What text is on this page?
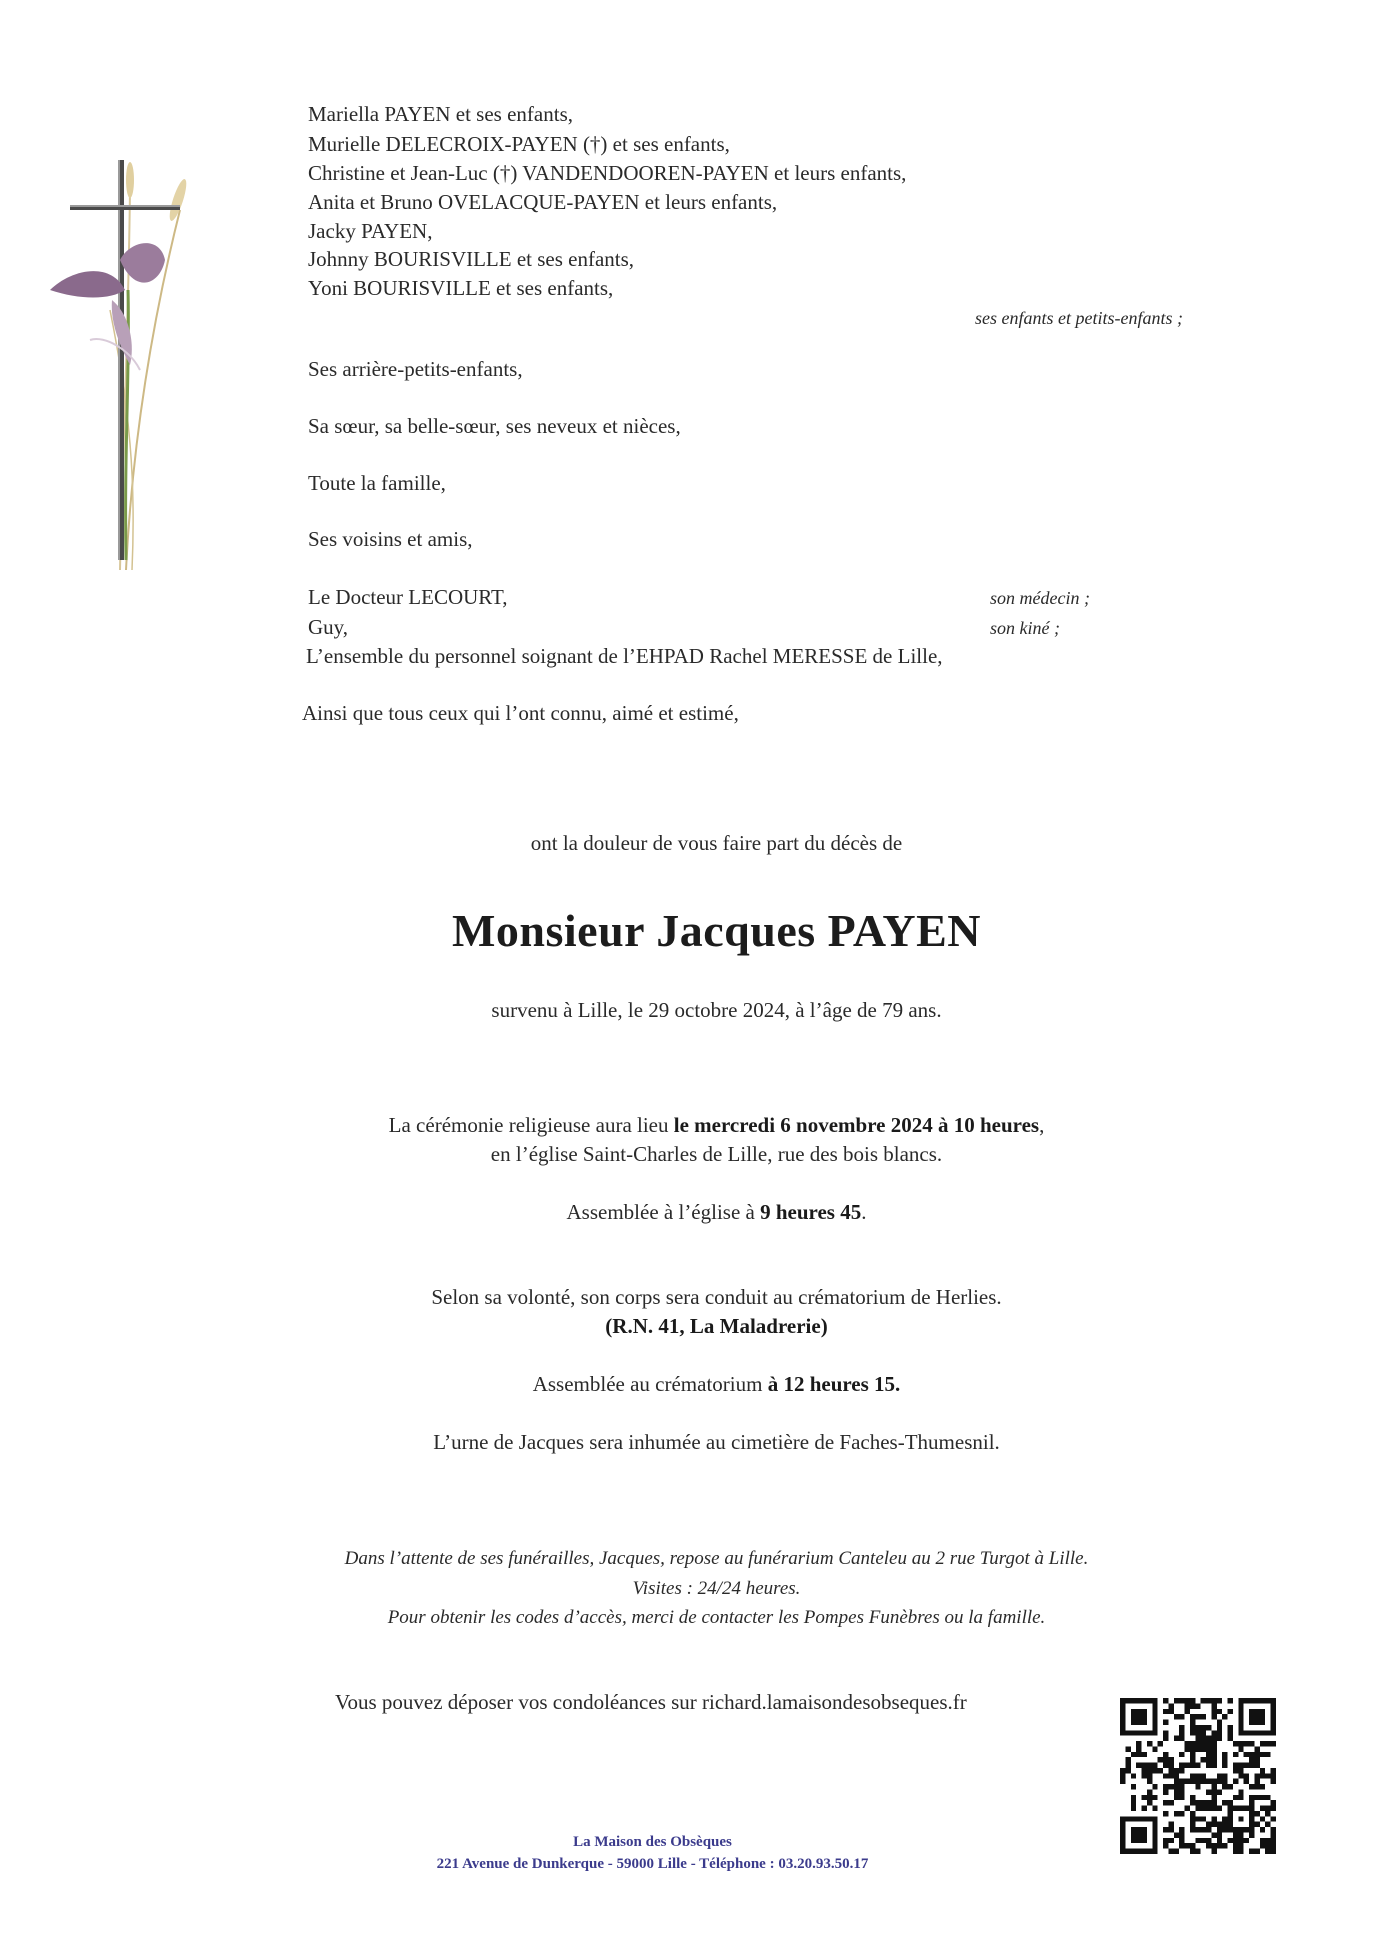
Mariella PAYEN et ses enfants,
Murielle DELECROIX-PAYEN (†) et ses enfants,
Christine et Jean-Luc (†) VANDENDOOREN-PAYEN et leurs enfants,
Anita et Bruno OVELACQUE-PAYEN et leurs enfants,
Jacky PAYEN,
Johnny BOURISVILLE et ses enfants,
Yoni BOURISVILLE et ses enfants,
ses enfants et petits-enfants ;
Ses arrière-petits-enfants,
Sa sœur, sa belle-sœur, ses neveux et nièces,
Toute la famille,
Ses voisins et amis,
Le Docteur LECOURT,	son médecin ;
Guy,	son kiné ;
L’ensemble du personnel soignant de l’EHPAD Rachel MERESSE de Lille,
Ainsi que tous ceux qui l’ont connu, aimé et estimé,
ont la douleur de vous faire part du décès de
Monsieur Jacques PAYEN
survenu à Lille, le 29 octobre 2024, à l’âge de 79 ans.
La cérémonie religieuse aura lieu le mercredi 6 novembre 2024 à 10 heures,
en l’église Saint-Charles de Lille, rue des bois blancs.
Assemblée à l’église à 9 heures 45.
Selon sa volonté, son corps sera conduit au crématorium de Herlies.
(R.N. 41, La Maladrerie)
Assemblée au crématorium à 12 heures 15.
L’urne de Jacques sera inhumée au cimetière de Faches-Thumesnil.
Dans l’attente de ses funérailles, Jacques, repose au funérarium Canteleu au 2 rue Turgot à Lille.
Visites : 24/24 heures.
Pour obtenir les codes d’accès, merci de contacter les Pompes Funèbres ou la famille.
Vous pouvez déposer vos condoléances sur richard.lamaisondesobseques.fr
La Maison des Obsèques
221 Avenue de Dunkerque - 59000 Lille - Téléphone : 03.20.93.50.17
